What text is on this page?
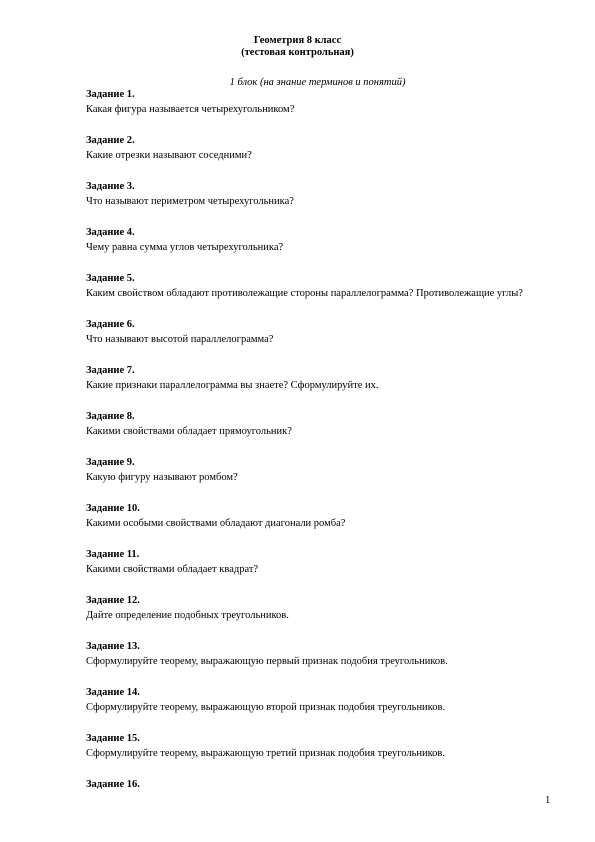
Геометрия 8 класс
(тестовая контрольная)
1 блок (на знание терминов и понятий)
Задание 1.
Какая фигура называется четырехугольником?
Задание 2.
Какие отрезки называют соседними?
Задание 3.
Что называют периметром четырехугольника?
Задание 4.
Чему равна сумма углов четырехугольника?
Задание 5.
Каким свойством обладают противолежащие стороны параллелограмма? Противолежащие углы?
Задание 6.
Что называют высотой параллелограмма?
Задание 7.
Какие признаки параллелограмма вы знаете? Сформулируйте их.
Задание 8.
Какими свойствами обладает прямоугольник?
Задание 9.
Какую фигуру называют ромбом?
Задание 10.
Какими особыми свойствами обладают диагонали ромба?
Задание 11.
Какими свойствами обладает квадрат?
Задание 12.
Дайте определение подобных треугольников.
Задание 13.
Сформулируйте теорему, выражающую первый признак подобия треугольников.
Задание 14.
Сформулируйте теорему, выражающую второй признак подобия треугольников.
Задание 15.
Сформулируйте теорему, выражающую третий признак подобия треугольников.
Задание 16.
1
